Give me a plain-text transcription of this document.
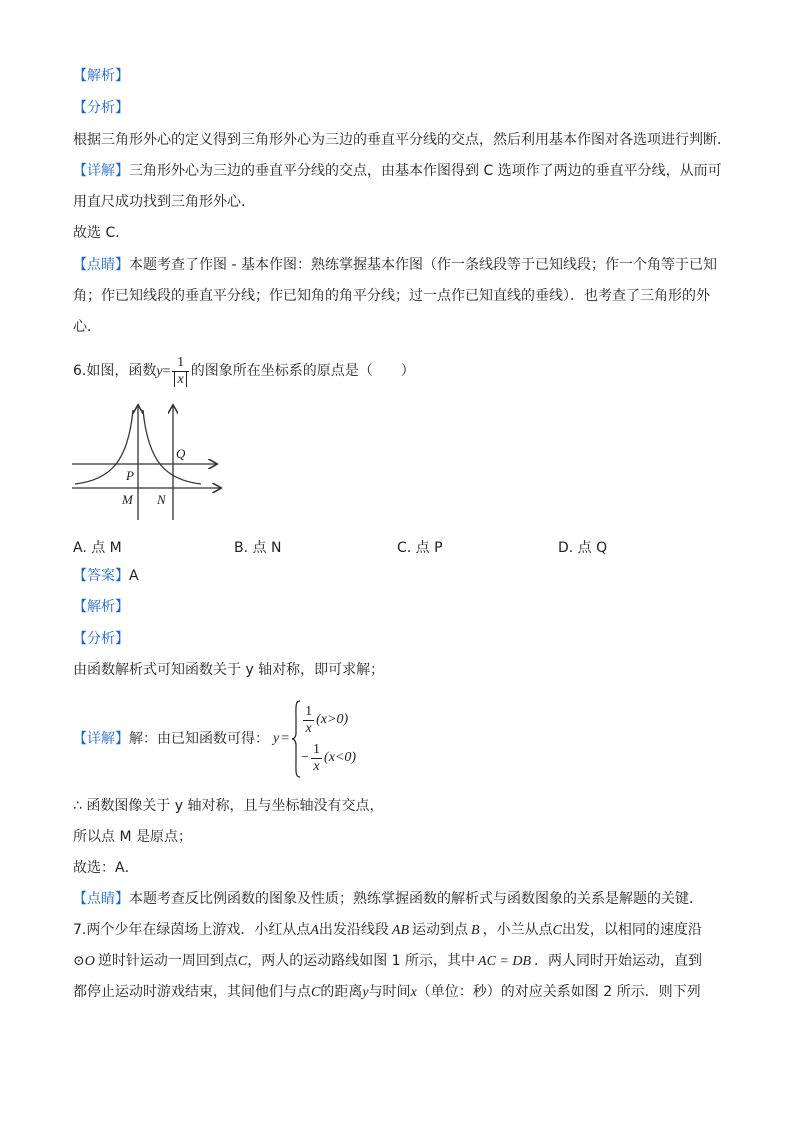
【解析】
【分析】
根据三角形外心的定义得到三角形外心为三边的垂直平分线的交点，然后利用基本作图对各选项进行判断．
【详解】三角形外心为三边的垂直平分线的交点，由基本作图得到 C 选项作了两边的垂直平分线，从而可
用直尺成功找到三角形外心．
故选 C．
【点睛】本题考查了作图 - 基本作图：熟练掌握基本作图（作一条线段等于已知线段；作一个角等于已知
角；作已知线段的垂直平分线；作已知角的角平分线；过一点作已知直线的垂线）．也考查了三角形的外
心．
6.如图，函数$y= \frac{1}{x}$ 的图象所在坐标系的原点是（　　）
Q
P
M N
A. 点 M	B. 点 N	C. 点 P	D. 点 Q
【答案】A
【解析】
【分析】
由函数解析式可知函数关于 y 轴对称，即可求解；
【详解】 解：由已知函数可得： y =
$\frac{1}{x} (x>0)$
− $\frac{1}{x} (x<0)$
∴ 函数图像关于 y 轴对称，且与坐标轴没有交点，
所以点 M 是原点；
故选：A．
【点睛】本题考查反比例函数的图象及性质；熟练掌握函数的解析式与函数图象的关系是解题的关键．
7.两个少年在绿茵场上游戏．小红从点A出发沿线段 AB 运动到点 B ，小兰从点C出发，以相同的速度沿
⊙O 逆时针运动一周回到点C，两人的运动路线如图 1 所示，其中 AC = DB ．两人同时开始运动，直到
都停止运动时游戏结束，其间他们与点C的距离y与时间x（单位：秒）的对应关系如图 2 所示．则下列
